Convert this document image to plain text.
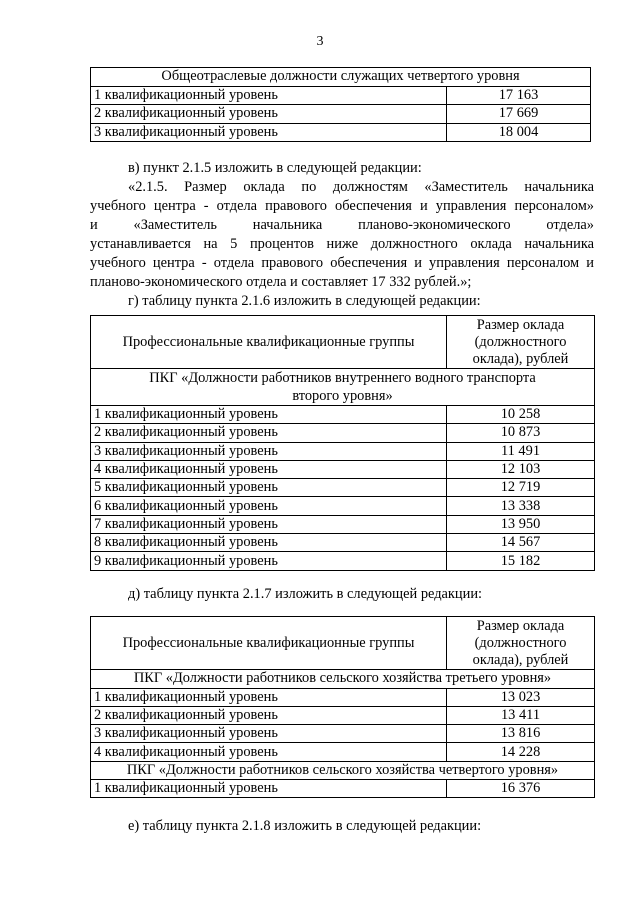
3
Общеотраслевые должности служащих четвертого уровня	
1 квалификационный уровень	17 163
2 квалификационный уровень	17 669
3 квалификационный уровень	18 004
в) пункт 2.1.5 изложить в следующей редакции:
«2.1.5. Размер оклада по должностям «Заместитель начальника
учебного центра - отдела правового обеспечения и управления персоналом»
и «Заместитель начальника планово-экономического отдела»
устанавливается на 5 процентов ниже должностного оклада начальника
учебного центра - отдела правового обеспечения и управления персоналом и
планово-экономического отдела и составляет 17 332 рублей.»;
г) таблицу пункта 2.1.6 изложить в следующей редакции:
Профессиональные квалификационные группы	Размер оклада
(должностного
оклада), рублей

ПКГ «Должности работников внутреннего водного транспорта
второго уровня»	

1 квалификационный уровень	10 258
2 квалификационный уровень	10 873
3 квалификационный уровень	11 491
4 квалификационный уровень	12 103
5 квалификационный уровень	12 719
6 квалификационный уровень	13 338
7 квалификационный уровень	13 950
8 квалификационный уровень	14 567
9 квалификационный уровень	15 182
д) таблицу пункта 2.1.7 изложить в следующей редакции:
Профессиональные квалификационные группы	Размер оклада
(должностного
оклада), рублей

ПКГ «Должности работников сельского хозяйства третьего уровня»	
1 квалификационный уровень	13 023
2 квалификационный уровень	13 411
3 квалификационный уровень	13 816
4 квалификационный уровень	14 228
ПКГ «Должности работников сельского хозяйства четвертого уровня»	
1 квалификационный уровень	16 376
е) таблицу пункта 2.1.8 изложить в следующей редакции:
